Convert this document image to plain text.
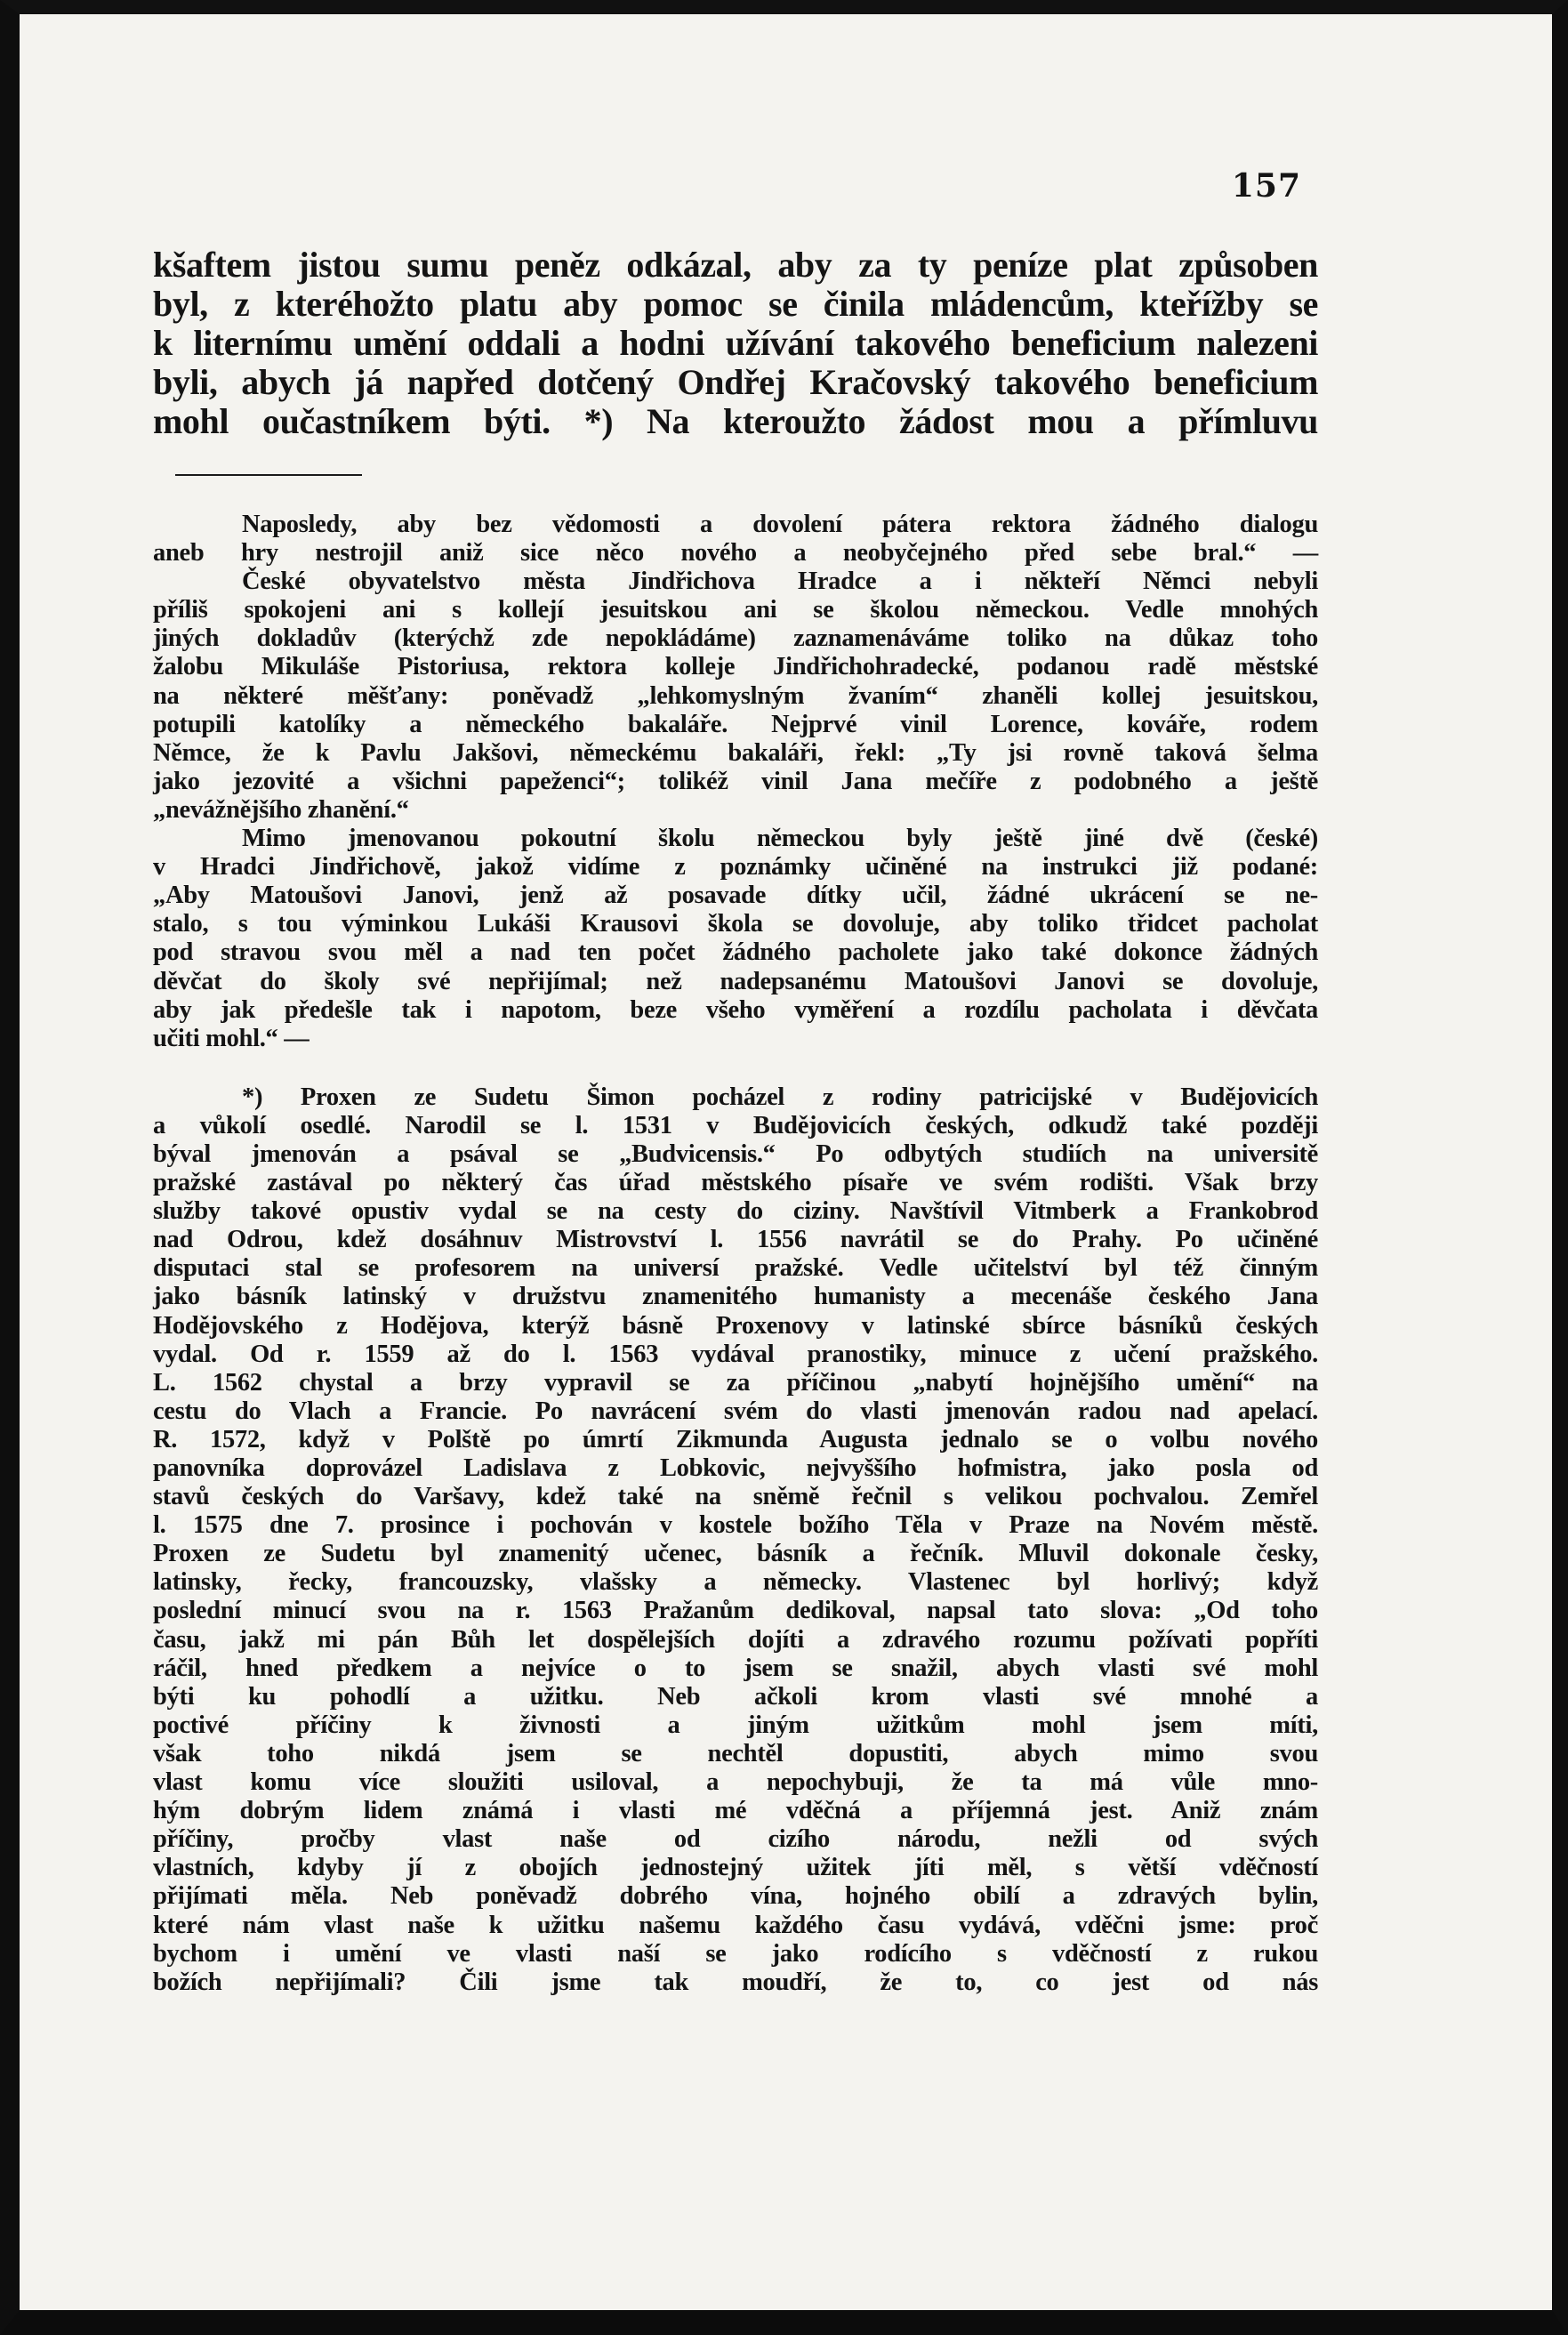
157
kšaftem jistou sumu peněz odkázal, aby za ty peníze plat způsoben
byl, z kteréhožto platu aby pomoc se činila mládencům, kteřížby se
k liternímu umění oddali a hodni užívání takového beneficium nalezeni
byli, abych já napřed dotčený Ondřej Kračovský takového beneficium
mohl oučastníkem býti. *) Na kteroužto žádost mou a přímluvu
Naposledy, aby bez vědomosti a dovolení pátera rektora žádného dialogu
aneb hry nestrojil aniž sice něco nového a neobyčejného před sebe bral.“ —
České obyvatelstvo města Jindřichova Hradce a i někteří Němci nebyli
příliš spokojeni ani s kollejí jesuitskou ani se školou německou. Vedle mnohých
jiných dokladův (kterýchž zde nepokládáme) zaznamenáváme toliko na důkaz toho
žalobu Mikuláše Pistoriusa, rektora kolleje Jindřichohradecké, podanou radě městské
na některé měšťany: poněvadž „lehkomyslným žvaním“ zhaněli kollej jesuitskou,
potupili katolíky a německého bakaláře. Nejprvé vinil Lorence, kováře, rodem
Němce, že k Pavlu Jakšovi, německému bakaláři, řekl: „Ty jsi rovně taková šelma
jako jezovité a všichni papeženci“; tolikéž vinil Jana mečíře z podobného a ještě
„nevážnějšího zhanění.“
Mimo jmenovanou pokoutní školu německou byly ještě jiné dvě (české)
v Hradci Jindřichově, jakož vidíme z poznámky učiněné na instrukci již podané:
„Aby Matoušovi Janovi, jenž až posavade dítky učil, žádné ukrácení se ne-
stalo, s tou výminkou Lukáši Krausovi škola se dovoluje, aby toliko třidcet pacholat
pod stravou svou měl a nad ten počet žádného pacholete jako také dokonce žádných
děvčat do školy své nepřijímal; než nadepsanému Matoušovi Janovi se dovoluje,
aby jak předešle tak i napotom, beze všeho vyměření a rozdílu pacholata i děvčata
učiti mohl.“ —
*) Proxen ze Sudetu Šimon pocházel z rodiny patricijské v Budějovicích
a vůkolí osedlé. Narodil se l. 1531 v Budějovicích českých, odkudž také později
býval jmenován a psával se „Budvicensis.“ Po odbytých studiích na universitě
pražské zastával po některý čas úřad městského písaře ve svém rodišti. Však brzy
služby takové opustiv vydal se na cesty do ciziny. Navštívil Vitmberk a Frankobrod
nad Odrou, kdež dosáhnuv Mistrovství l. 1556 navrátil se do Prahy. Po učiněné
disputaci stal se profesorem na universí pražské. Vedle učitelství byl též činným
jako básník latinský v družstvu znamenitého humanisty a mecenáše českého Jana
Hodějovského z Hodějova, kterýž básně Proxenovy v latinské sbírce básníků českých
vydal. Od r. 1559 až do l. 1563 vydával pranostiky, minuce z učení pražského.
L. 1562 chystal a brzy vypravil se za příčinou „nabytí hojnějšího umění“ na
cestu do Vlach a Francie. Po navrácení svém do vlasti jmenován radou nad apelací.
R. 1572, když v Polště po úmrtí Zikmunda Augusta jednalo se o volbu nového
panovníka doprovázel Ladislava z Lobkovic, nejvyššího hofmistra, jako posla od
stavů českých do Varšavy, kdež také na sněmě řečnil s velikou pochvalou. Zemřel
l. 1575 dne 7. prosince i pochován v kostele božího Těla v Praze na Novém městě.
Proxen ze Sudetu byl znamenitý učenec, básník a řečník. Mluvil dokonale česky,
latinsky, řecky, francouzsky, vlašsky a německy. Vlastenec byl horlivý; když
poslední minucí svou na r. 1563 Pražanům dedikoval, napsal tato slova: „Od toho
času, jakž mi pán Bůh let dospělejších dojíti a zdravého rozumu požívati popříti
ráčil, hned předkem a nejvíce o to jsem se snažil, abych vlasti své mohl
býti ku pohodlí a užitku. Neb ačkoli krom vlasti své mnohé a
poctivé příčiny k živnosti a jiným užitkům mohl jsem míti,
však toho nikdá jsem se nechtěl dopustiti, abych mimo svou
vlast komu více sloužiti usiloval, a nepochybuji, že ta má vůle mno-
hým dobrým lidem známá i vlasti mé vděčná a příjemná jest. Aniž znám
příčiny, pročby vlast naše od cizího národu, nežli od svých
vlastních, kdyby jí z obojích jednostejný užitek jíti měl, s větší vděčností
přijímati měla. Neb poněvadž dobrého vína, hojného obilí a zdravých bylin,
které nám vlast naše k užitku našemu každého času vydává, vděčni jsme: proč
bychom i umění ve vlasti naší se jako rodícího s vděčností z rukou
božích nepřijímali? Čili jsme tak moudří, že to, co jest od nás
